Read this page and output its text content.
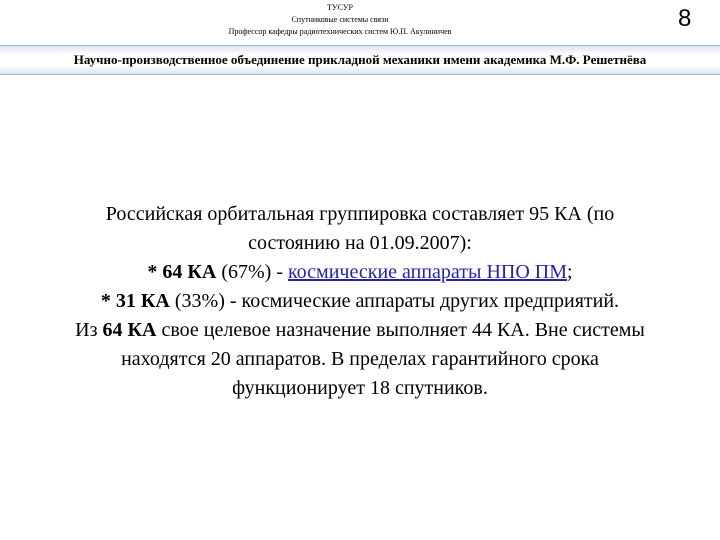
ТУСУР
Спутниковые системы связи
Профессор кафедры радиотехнических систем Ю.П. Акулиничев	8
Научно-производственное объединение прикладной механики имени академика М.Ф. Решетнёва
Российская орбитальная группировка составляет 95 КА (по
состоянию на 01.09.2007):
* 64 КА (67%) - космические аппараты НПО ПМ;
* 31 КА (33%) - космические аппараты других предприятий.
Из 64 КА свое целевое назначение выполняет 44 КА. Вне системы
находятся 20 аппаратов. В пределах гарантийного срока
функционирует 18 спутников.
